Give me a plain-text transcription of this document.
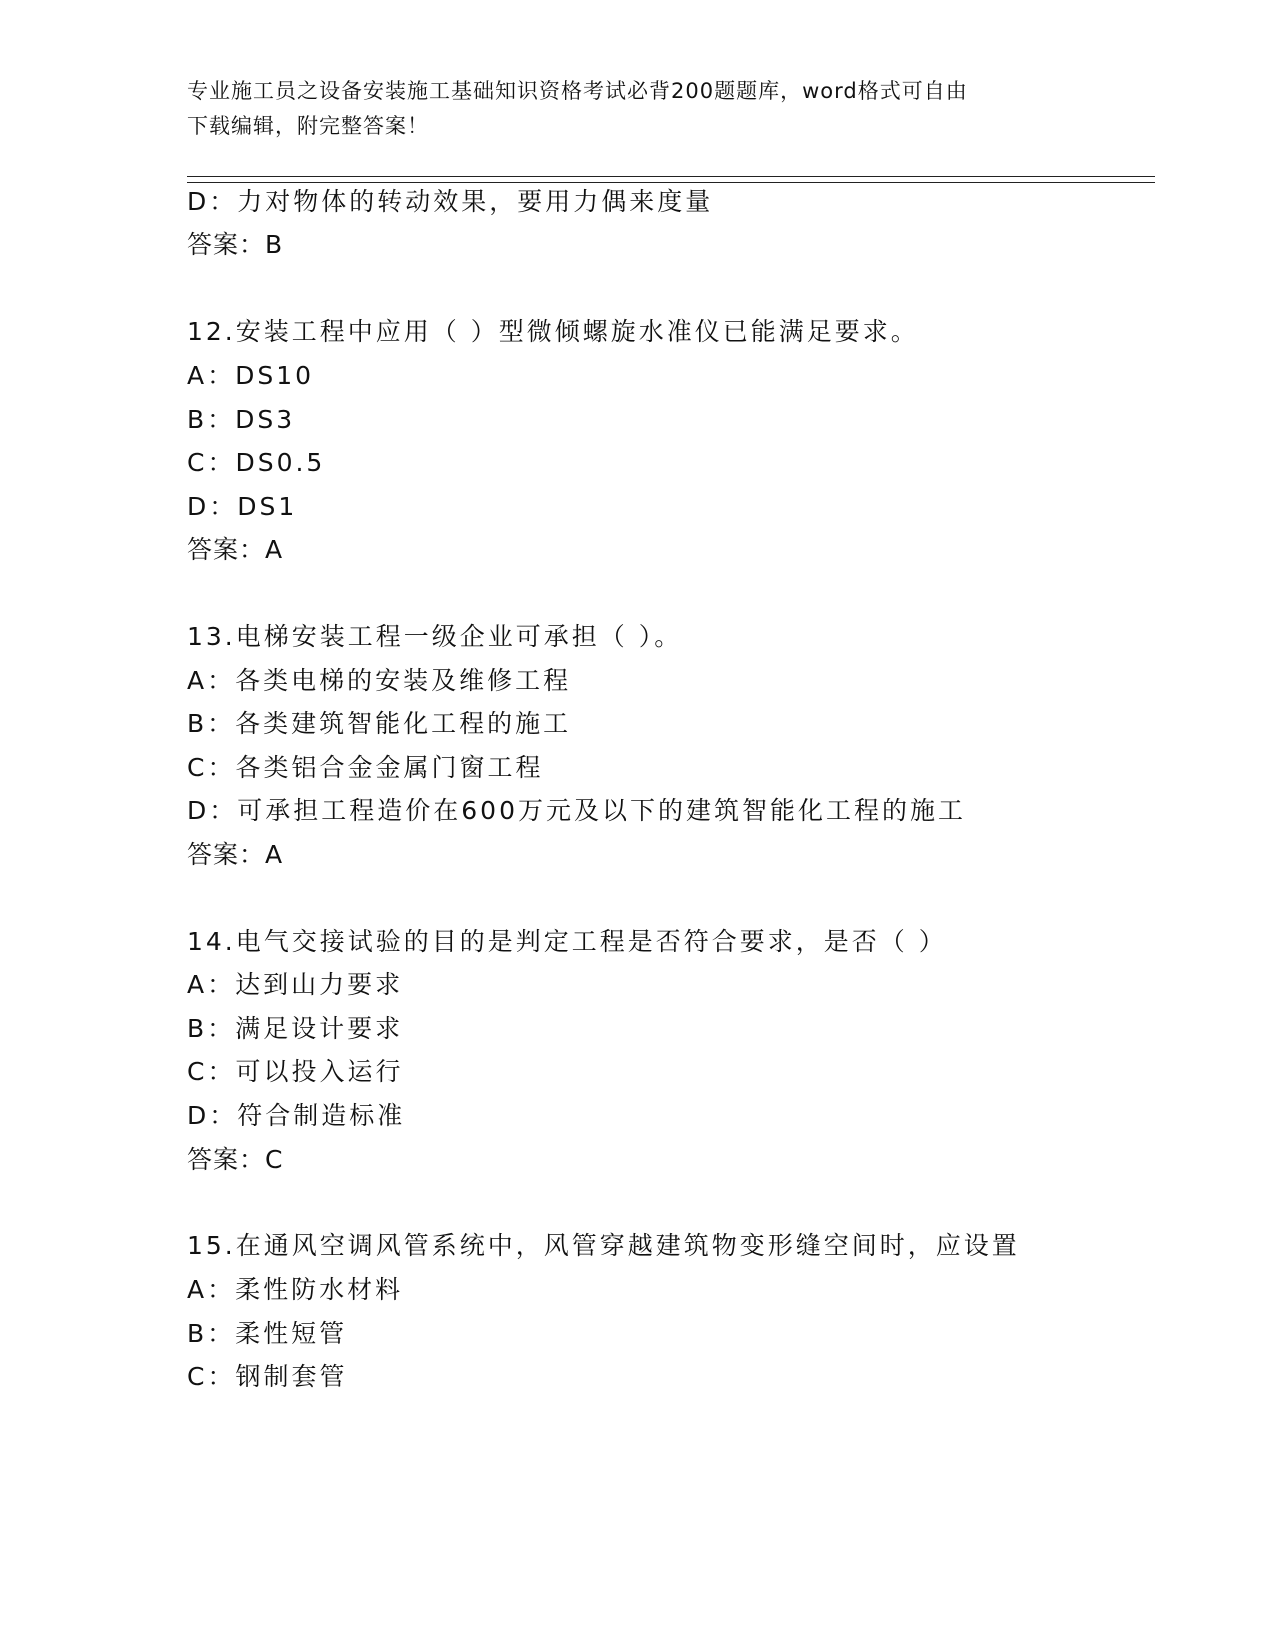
专业施工员之设备安装施工基础知识资格考试必背200题题库，word格式可自由
下载编辑，附完整答案！
D：力对物体的转动效果，要用力偶来度量
答案：B
12.安装工程中应用（ ）型微倾螺旋水准仪已能满足要求。
A：DS10
B：DS3
C：DS0.5
D：DS1
答案：A
13.电梯安装工程一级企业可承担（ ）。
A：各类电梯的安装及维修工程
B：各类建筑智能化工程的施工
C：各类铝合金金属门窗工程
D：可承担工程造价在600万元及以下的建筑智能化工程的施工
答案：A
14.电气交接试验的目的是判定工程是否符合要求，是否（ ）
A：达到山力要求
B：满足设计要求
C：可以投入运行
D：符合制造标准
答案：C
15.在通风空调风管系统中，风管穿越建筑物变形缝空间时，应设置
A：柔性防水材料
B：柔性短管
C：钢制套管
